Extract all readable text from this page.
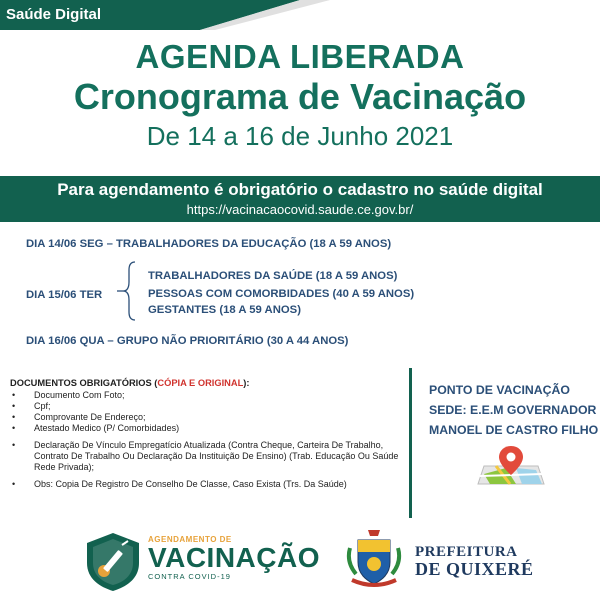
Saúde Digital
AGENDA LIBERADA
Cronograma de Vacinação
De 14 a 16 de Junho 2021
Para agendamento é obrigatório o cadastro no saúde digital
https://vacinacaocovid.saude.ce.gov.br/
DIA 14/06 SEG – TRABALHADORES DA EDUCAÇÃO (18 A 59 ANOS)
DIA 15/06 TER
TRABALHADORES DA SAÚDE (18 A 59 ANOS)
PESSOAS COM COMORBIDADES (40 A 59 ANOS)
GESTANTES (18 A 59 ANOS)
DIA 16/06 QUA – GRUPO NÃO PRIORITÁRIO (30 A 44 ANOS)
DOCUMENTOS OBRIGATÓRIOS (CÓPIA E ORIGINAL):
• Documento Com Foto;
• Cpf;
• Comprovante De Endereço;
• Atestado Medico (P/ Comorbidades)
• Declaração De Vínculo Empregatício Atualizada (Contra Cheque, Carteira De Trabalho, Contrato De Trabalho Ou Declaração Da Instituição De Ensino) (Trab. Educação Ou Saúde Rede Privada);
• Obs: Copia De Registro De Conselho De Classe, Caso Exista (Trs. Da Saúde)
PONTO DE VACINAÇÃO
SEDE: E.E.M GOVERNADOR
MANOEL DE CASTRO FILHO
AGENDAMENTO DE
VACINAÇÃO
CONTRA COVID-19
PREFEITURA
DE QUIXERÉ
